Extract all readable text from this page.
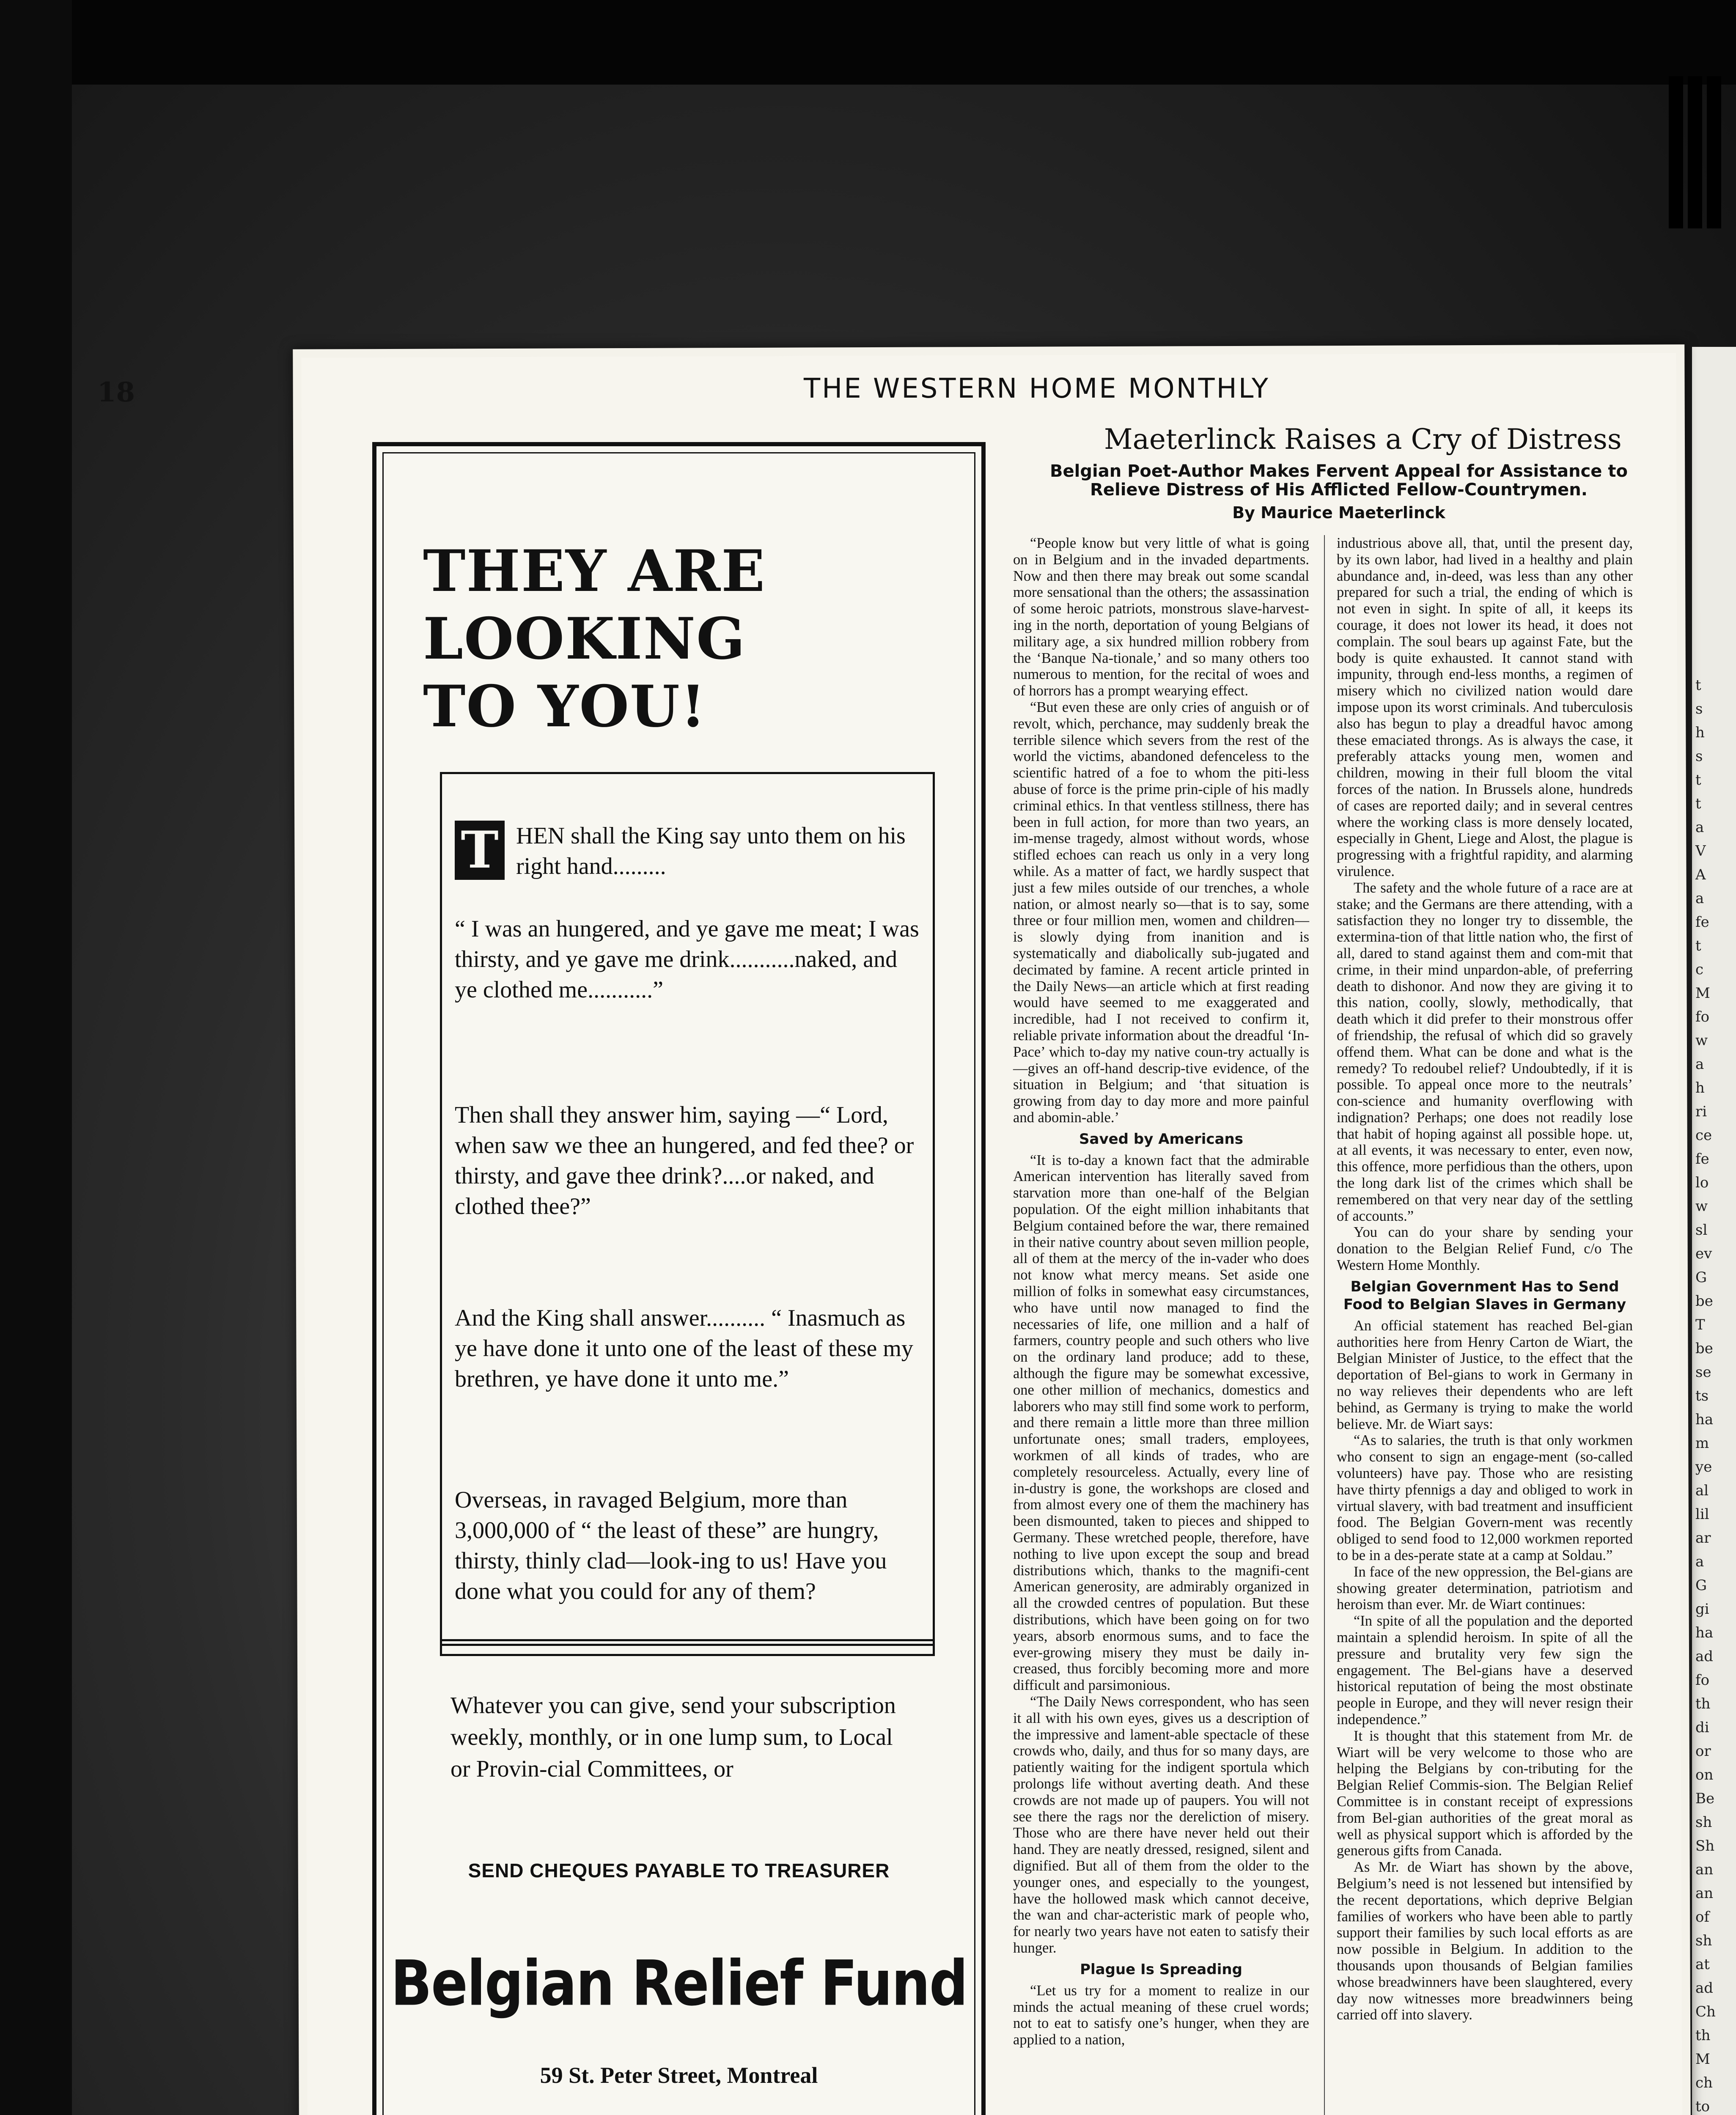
t
s
h
s
t
t
a
V
A
a
fe
t
c
M
fo
w
a
h
ri
ce
fe
lo
w
sl
ev
G
be
T
be
se
ts
ha
m
ye
al
lil
ar
a
G
gi
ha
ad
fo
th
di
or
on
Be
sh
Sh
an
an
of
sh
at
ad
Ch
th
M
ch
to
18	THE WESTERN HOME MONTHLY
THEY ARE
LOOKING
TO YOU!
T HEN shall the King say unto them on his right hand.........
“ I was an hungered, and ye gave me meat; I was thirsty, and ye gave me drink...........naked, and ye clothed me...........”
Then shall they answer him, saying —“ Lord, when saw we thee an hungered, and fed thee? or thirsty, and gave thee drink?....or naked, and clothed thee?”
And the King shall answer.......... “ Inasmuch as ye have done it unto one of the least of these my brethren, ye have done it unto me.”
Overseas, in ravaged Belgium, more than 3,000,000 of “ the least of these” are hungry, thirsty, thinly clad—look-ing to us! Have you done what you could for any of them?
Whatever you can give, send your subscription weekly, monthly, or in one lump sum, to Local or Provin-cial Committees, or
SEND CHEQUES PAYABLE TO TREASURER
Belgian Relief Fund
59 St. Peter Street, Montreal
Maeterlinck Raises a Cry of Distress
Belgian Poet-Author Makes Fervent Appeal for Assistance to Relieve Distress of His Afflicted Fellow-Countrymen.
By Maurice Maeterlinck

“People know but very little of what is going on in Belgium and in the invaded departments. Now and then there may break out some scandal more sensational than the others; the assassination of some heroic patriots, monstrous slave-harvest-ing in the north, deportation of young Belgians of military age, a six hundred million robbery from the ‘Banque Na-tionale,’ and so many others too numerous to mention, for the recital of woes and of horrors has a prompt wearying effect.

“But even these are only cries of anguish or of revolt, which, perchance, may suddenly break the terrible silence which severs from the rest of the world the victims, abandoned defenceless to the scientific hatred of a foe to whom the piti-less abuse of force is the prime prin-ciple of his madly criminal ethics. In that ventless stillness, there has been in full action, for more than two years, an im-mense tragedy, almost without words, whose stifled echoes can reach us only in a very long while. As a matter of fact, we hardly suspect that just a few miles outside of our trenches, a whole nation, or almost nearly so—that is to say, some three or four million men, women and children—is slowly dying from inanition and is systematically and diabolically sub-jugated and decimated by famine. A recent article printed in the Daily News—an article which at first reading would have seemed to me exaggerated and incredible, had I not received to confirm it, reliable private information about the dreadful ‘In-Pace’ which to-day my native coun-try actually is—gives an off-hand descrip-tive evidence, of the situation in Belgium; and ‘that situation is growing from day to day more and more painful and abomin-able.’

Saved by Americans

“It is to-day a known fact that the admirable American intervention has literally saved from starvation more than one-half of the Belgian population. Of the eight million inhabitants that Belgium contained before the war, there remained in their native country about seven million people, all of them at the mercy of the in-vader who does not know what mercy means. Set aside one million of folks in somewhat easy circumstances, who have until now managed to find the necessaries of life, one million and a half of farmers, country people and such others who live on the ordinary land produce; add to these, although the figure may be somewhat excessive, one other million of mechanics, domestics and laborers who may still find some work to perform, and there remain a little more than three million unfortunate ones; small traders, employees, workmen of all kinds of trades, who are completely resourceless. Actually, every line of in-dustry is gone, the workshops are closed and from almost every one of them the machinery has been dismounted, taken to pieces and shipped to Germany. These wretched people, therefore, have nothing to live upon except the soup and bread distributions which, thanks to the magnifi-cent American generosity, are admirably organized in all the crowded centres of population. But these distributions, which have been going on for two years, absorb enormous sums, and to face the ever-growing misery they must be daily in-creased, thus forcibly becoming more and more difficult and parsimonious.

“The Daily News correspondent, who has seen it all with his own eyes, gives us a description of the impressive and lament-able spectacle of these crowds who, daily, and thus for so many days, are patiently waiting for the indigent sportula which prolongs life without averting death. And these crowds are not made up of paupers. You will not see there the rags nor the dereliction of misery. Those who are there have never held out their hand. They are neatly dressed, resigned, silent and dignified. But all of them from the older to the younger ones, and especially to the youngest, have the hollowed mask which cannot deceive, the wan and char-acteristic mark of people who, for nearly two years have not eaten to satisfy their hunger.

Plague Is Spreading

“Let us try for a moment to realize in our minds the actual meaning of these cruel words; not to eat to satisfy one’s hunger, when they are applied to a nation,

industrious above all, that, until the present day, by its own labor, had lived in a healthy and plain abundance and, in-deed, was less than any other prepared for such a trial, the ending of which is not even in sight. In spite of all, it keeps its courage, it does not lower its head, it does not complain. The soul bears up against Fate, but the body is quite exhausted. It cannot stand with impunity, through end-less months, a regimen of misery which no civilized nation would dare impose upon its worst criminals. And tuberculosis also has begun to play a dreadful havoc among these emaciated throngs. As is always the case, it preferably attacks young men, women and children, mowing in their full bloom the vital forces of the nation. In Brussels alone, hundreds of cases are reported daily; and in several centres where the working class is more densely located, especially in Ghent, Liege and Alost, the plague is progressing with a frightful rapidity, and alarming virulence.

The safety and the whole future of a race are at stake; and the Germans are there attending, with a satisfaction they no longer try to dissemble, the extermina-tion of that little nation who, the first of all, dared to stand against them and com-mit that crime, in their mind unpardon-able, of preferring death to dishonor. And now they are giving it to this nation, coolly, slowly, methodically, that death which it did prefer to their monstrous offer of friendship, the refusal of which did so gravely offend them. What can be done and what is the remedy? To redoubel relief? Undoubtedly, if it is possible. To appeal once more to the neutrals’ con-science and humanity overflowing with indignation? Perhaps; one does not readily lose that habit of hoping against all possible hope. ut, at all events, it was necessary to enter, even now, this offence, more perfidious than the others, upon the long dark list of the crimes which shall be remembered on that very near day of the settling of accounts.”

You can do your share by sending your donation to the Belgian Relief Fund, c/o The Western Home Monthly.

Belgian Government Has to Send Food to Belgian Slaves in Germany

An official statement has reached Bel-gian authorities here from Henry Carton de Wiart, the Belgian Minister of Justice, to the effect that the deportation of Bel-gians to work in Germany in no way relieves their dependents who are left behind, as Germany is trying to make the world believe. Mr. de Wiart says:

“As to salaries, the truth is that only workmen who consent to sign an engage-ment (so-called volunteers) have pay. Those who are resisting have thirty pfennigs a day and obliged to work in virtual slavery, with bad treatment and insufficient food. The Belgian Govern-ment was recently obliged to send food to 12,000 workmen reported to be in a des-perate state at a camp at Soldau.”

In face of the new oppression, the Bel-gians are showing greater determination, patriotism and heroism than ever. Mr. de Wiart continues:

“In spite of all the population and the deported maintain a splendid heroism. In spite of all the pressure and brutality very few sign the engagement. The Bel-gians have a deserved historical reputation of being the most obstinate people in Europe, and they will never resign their independence.”

It is thought that this statement from Mr. de Wiart will be very welcome to those who are helping the Belgians by con-tributing for the Belgian Relief Commis-sion. The Belgian Relief Committee is in constant receipt of expressions from Bel-gian authorities of the great moral as well as physical support which is afforded by the generous gifts from Canada.

As Mr. de Wiart has shown by the above, Belgium’s need is not lessened but intensified by the recent deportations, which deprive Belgian families of workers who have been able to partly support their families by such local efforts as are now possible in Belgium. In addition to the thousands upon thousands of Belgian families whose breadwinners have been slaughtered, every day now witnesses more breadwinners being carried off into slavery.
